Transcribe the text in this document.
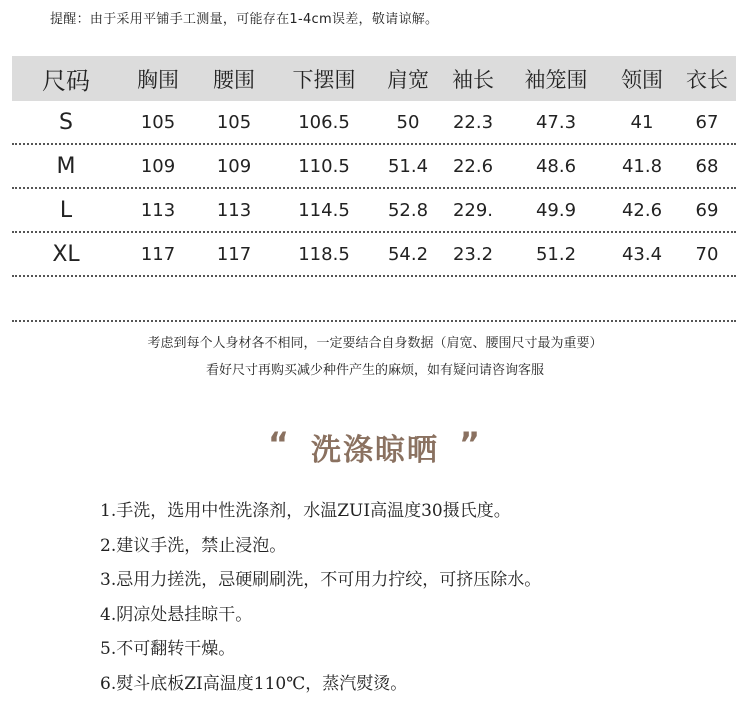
提醒：由于采用平铺手工测量，可能存在1-4cm误差，敬请谅解。
尺码	胸围	腰围	下摆围	肩宽	袖长	袖笼围	领围	衣长
S	105	105	106.5	50	22.3	47.3	41	67
M	109	109	110.5	51.4	22.6	48.6	41.8	68
L	113	113	114.5	52.8	229.	49.9	42.6	69
XL	117	117	118.5	54.2	23.2	51.2	43.4	70
考虑到每个人身材各不相同，一定要结合自身数据（肩宽、腰围尺寸最为重要）
看好尺寸再购买减少种件产生的麻烦，如有疑问请咨询客服
“ 洗涤晾晒 ”
1.手洗，选用中性洗涤剂，水温ZUI高温度30摄氏度。
2.建议手洗，禁止浸泡。
3.忌用力搓洗，忌硬刷刷洗，不可用力拧绞，可挤压除水。
4.阴凉处悬挂晾干。
5.不可翻转干燥。
6.熨斗底板ZI高温度110℃，蒸汽熨烫。
